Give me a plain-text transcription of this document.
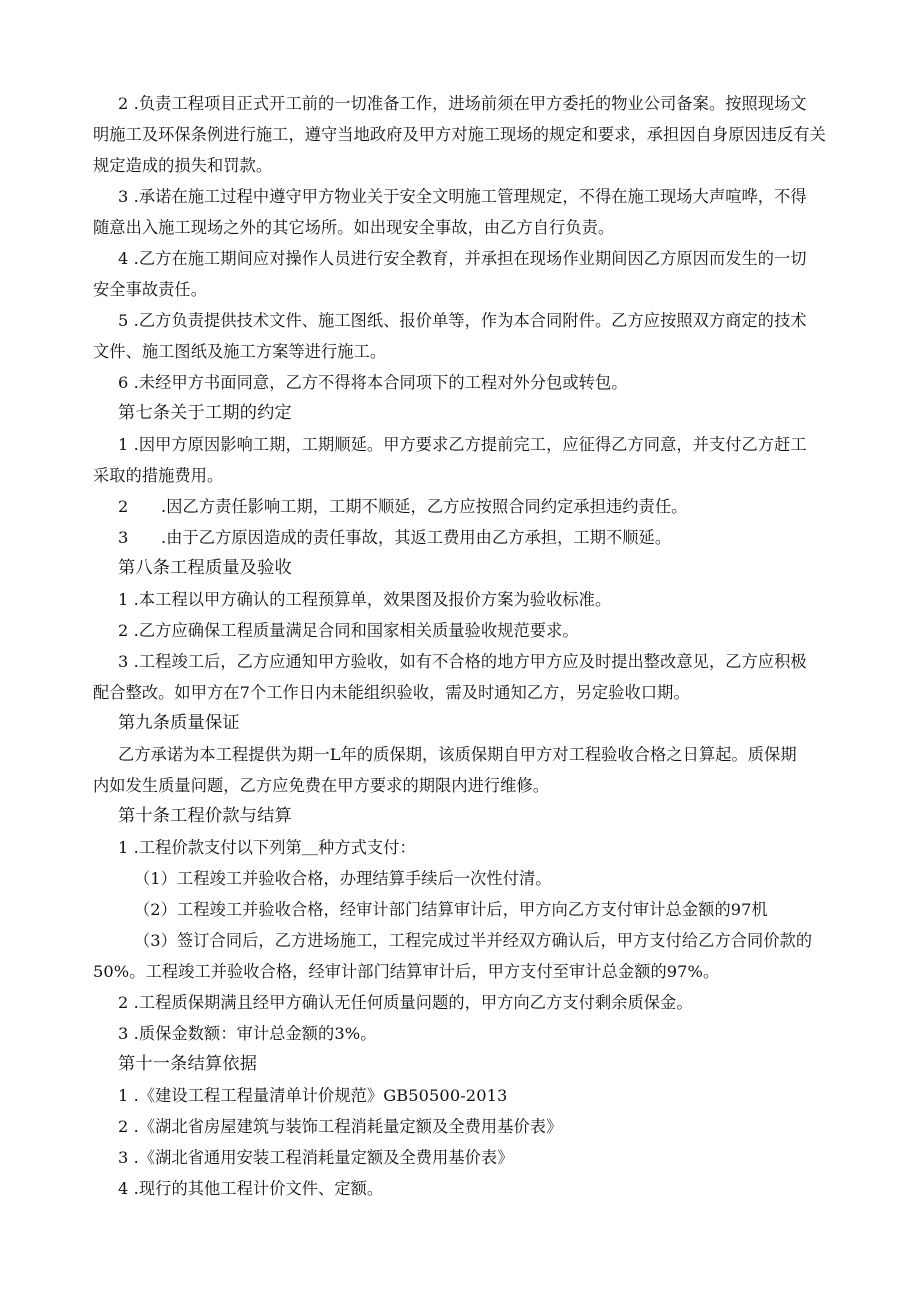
2 .负责工程项目正式开工前的一切准备工作，进场前须在甲方委托的物业公司备案。按照现场文
明施工及环保条例进行施工，遵守当地政府及甲方对施工现场的规定和要求，承担因自身原因违反有关
规定造成的损失和罚款。
3 .承诺在施工过程中遵守甲方物业关于安全文明施工管理规定，不得在施工现场大声喧哗，不得
随意出入施工现场之外的其它场所。如出现安全事故，由乙方自行负责。
4 .乙方在施工期间应对操作人员进行安全教育，并承担在现场作业期间因乙方原因而发生的一切
安全事故责任。
5 .乙方负责提供技术文件、施工图纸、报价单等，作为本合同附件。乙方应按照双方商定的技术
文件、施工图纸及施工方案等进行施工。
6 .未经甲方书面同意，乙方不得将本合同项下的工程对外分包或转包。
第七条关于工期的约定
1 .因甲方原因影响工期，工期顺延。甲方要求乙方提前完工，应征得乙方同意，并支付乙方赶工
采取的措施费用。
2　　.因乙方责任影响工期，工期不顺延，乙方应按照合同约定承担违约责任。
3　　.由于乙方原因造成的责任事故，其返工费用由乙方承担，工期不顺延。
第八条工程质量及验收
1 .本工程以甲方确认的工程预算单，效果图及报价方案为验收标准。
2 .乙方应确保工程质量满足合同和国家相关质量验收规范要求。
3 .工程竣工后，乙方应通知甲方验收，如有不合格的地方甲方应及时提出整改意见，乙方应积极
配合整改。如甲方在7个工作日内未能组织验收，需及时通知乙方，另定验收口期。
第九条质量保证
乙方承诺为本工程提供为期一L年的质保期，该质保期自甲方对工程验收合格之日算起。质保期
内如发生质量问题，乙方应免费在甲方要求的期限内进行维修。
第十条工程价款与结算
1 .工程价款支付以下列第＿种方式支付：
（1）工程竣工并验收合格，办理结算手续后一次性付清。
（2）工程竣工并验收合格，经审计部门结算审计后，甲方向乙方支付审计总金额的97机
（3）签订合同后，乙方进场施工，工程完成过半并经双方确认后，甲方支付给乙方合同价款的
50%。工程竣工并验收合格，经审计部门结算审计后，甲方支付至审计总金额的97%。
2 .工程质保期满且经甲方确认无任何质量问题的，甲方向乙方支付剩余质保金。
3 .质保金数额：审计总金额的3%。
第十一条结算依据
1 .《建设工程工程量清单计价规范》GB50500-2013
2 .《湖北省房屋建筑与装饰工程消耗量定额及全费用基价表》
3 .《湖北省通用安装工程消耗量定额及全费用基价表》
4 .现行的其他工程计价文件、定额。
